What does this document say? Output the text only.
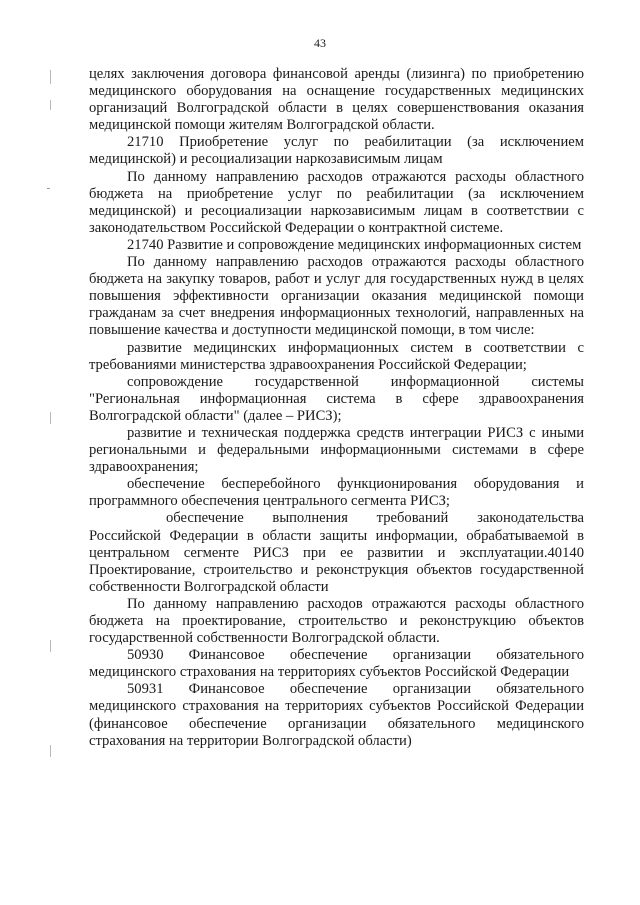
43

целях заключения договора финансовой аренды (лизинга) по приобретению медицинского оборудования на оснащение государственных медицинских организаций Волгоградской области в целях совершенствования оказания медицинской помощи жителям Волгоградской области.

21710 Приобретение услуг по реабилитации (за исключением медицинской) и ресоциализации наркозависимым лицам

По данному направлению расходов отражаются расходы областного бюджета на приобретение услуг по реабилитации (за исключением медицинской) и ресоциализации наркозависимым лицам в соответствии с законодательством Российской Федерации о контрактной системе.

21740 Развитие и сопровождение медицинских информационных систем

По данному направлению расходов отражаются расходы областного бюджета на закупку товаров, работ и услуг для государственных нужд в целях повышения эффективности организации оказания медицинской помощи гражданам за счет внедрения информационных технологий, направленных на повышение качества и доступности медицинской помощи, в том числе:

развитие медицинских информационных систем в соответствии с требованиями министерства здравоохранения Российской Федерации;

сопровождение государственной информационной системы "Региональная информационная система в сфере здравоохранения Волгоградской области" (далее – РИСЗ);

развитие и техническая поддержка средств интеграции РИСЗ с иными региональными и федеральными информационными системами в сфере здравоохранения;

обеспечение бесперебойного функционирования оборудования и программного обеспечения центрального сегмента РИСЗ;

обеспечение выполнения требований законодательства Российской Федерации в области защиты информации, обрабатываемой в центральном сегменте РИСЗ при ее развитии и эксплуатации.40140 Проектирование, строительство и реконструкция объектов государственной собственности Волгоградской области

По данному направлению расходов отражаются расходы областного бюджета на проектирование, строительство и реконструкцию объектов государственной собственности Волгоградской области.

50930 Финансовое обеспечение организации обязательного медицинского страхования на территориях субъектов Российской Федерации

50931 Финансовое обеспечение организации обязательного медицинского страхования на территориях субъектов Российской Федерации (финансовое обеспечение организации обязательного медицинского страхования на территории Волгоградской области)
